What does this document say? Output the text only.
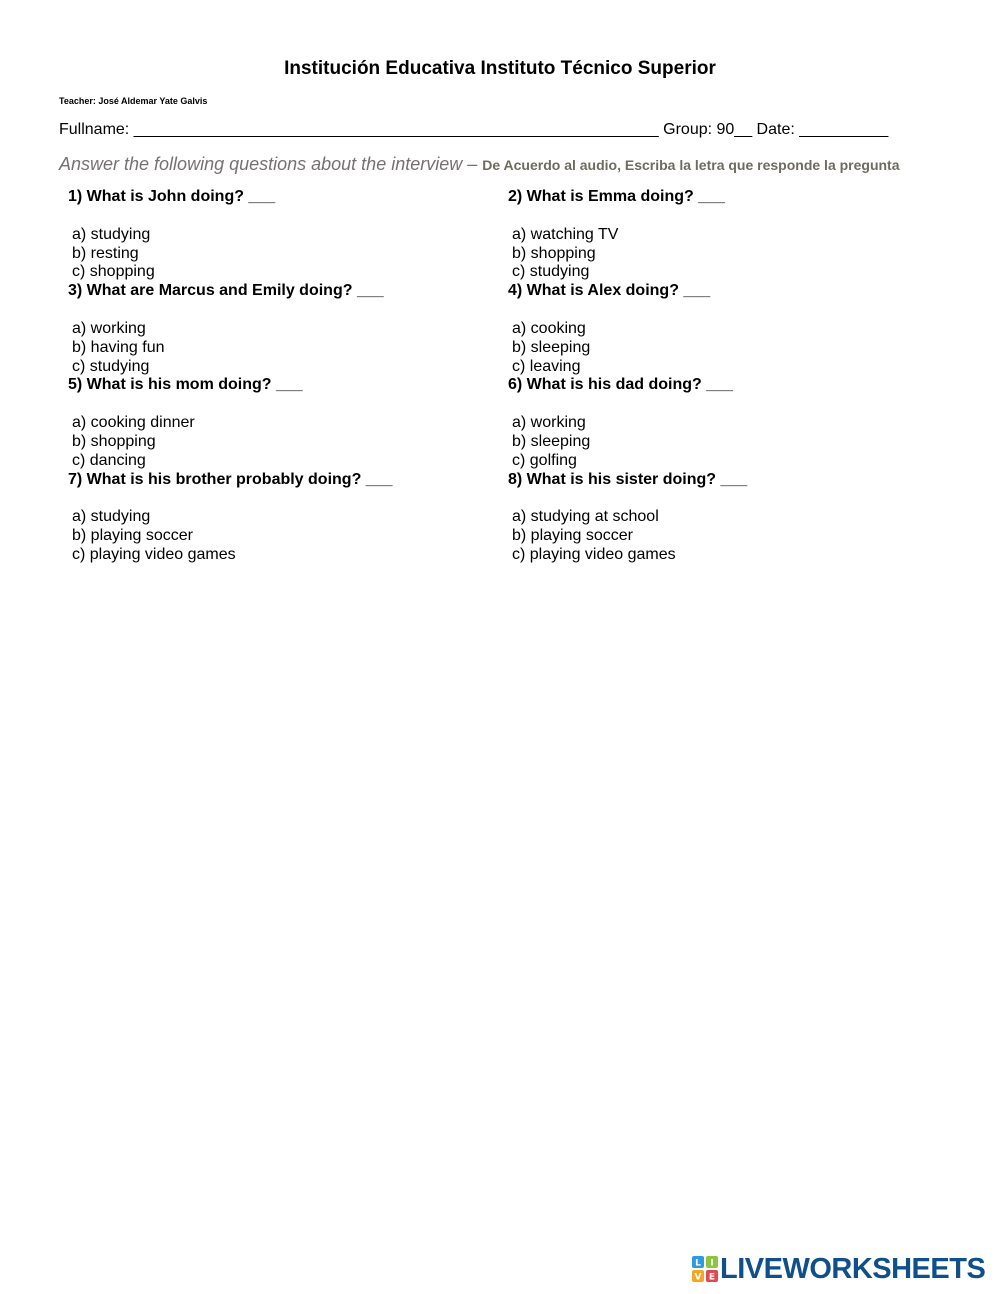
Institución Educativa Instituto Técnico Superior
Teacher: José Aldemar Yate Galvis
Fullname: ___________________________________________________________ Group: 90__ Date: __________
Answer the following questions about the interview – De Acuerdo al audio, Escriba la letra que responde la pregunta
1) What is John doing? ___
a) studying
b) resting
c) shopping
3) What are Marcus and Emily doing? ___
a) working
b) having fun
c) studying
5) What is his mom doing? ___
a) cooking dinner
b) shopping
c) dancing
7) What is his brother probably doing? ___
a) studying
b) playing soccer
c) playing video games
2) What is Emma doing? ___
a) watching TV
b) shopping
c) studying
4) What is Alex doing? ___
a) cooking
b) sleeping
c) leaving
6) What is his dad doing? ___
a) working
b) sleeping
c) golfing
8) What is his sister doing? ___
a) studying at school
b) playing soccer
c) playing video games
L I
V E LIVEWORKSHEETS
